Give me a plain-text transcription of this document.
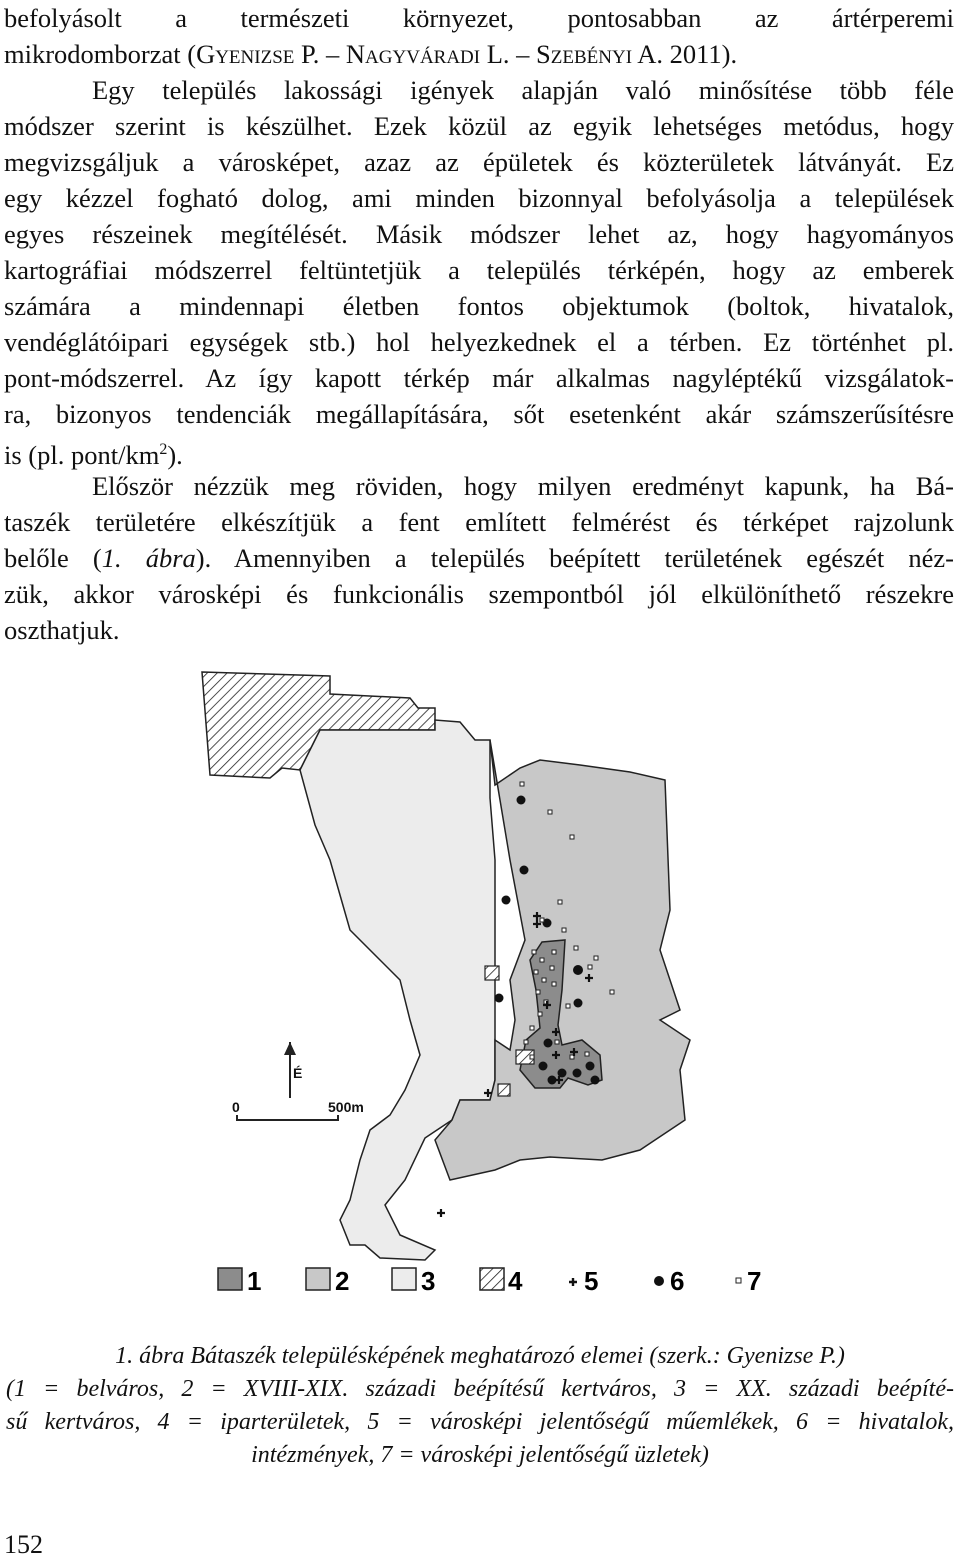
befolyásolt a természeti környezet, pontosabban az ártérperemi
mikrodomborzat (Gyenizse P. – Nagyváradi L. – Szebényi A. 2011).
Egy település lakossági igények alapján való minősítése több féle
módszer szerint is készülhet. Ezek közül az egyik lehetséges metódus, hogy
megvizsgáljuk a városképet, azaz az épületek és közterületek látványát. Ez
egy kézzel fogható dolog, ami minden bizonnyal befolyásolja a települések
egyes részeinek megítélését. Másik módszer lehet az, hogy hagyományos
kartográfiai módszerrel feltüntetjük a település térképén, hogy az emberek
számára a mindennapi életben fontos objektumok (boltok, hivatalok,
vendéglátóipari egységek stb.) hol helyezkednek el a térben. Ez történhet pl.
pont-módszerrel. Az így kapott térkép már alkalmas nagyléptékű vizsgálatok-
ra, bizonyos tendenciák megállapítására, sőt esetenként akár számszerűsítésre
is (pl. pont/$km^2$).
Először nézzük meg röviden, hogy milyen eredményt kapunk, ha Bá-
taszék területére elkészítjük a fent említett felmérést és térképet rajzolunk
belőle (1. ábra). Amennyiben a település beépített területének egészét néz-
zük, akkor városképi és funkcionális szempontból jól elkülöníthető részekre
oszthatjuk.
É
0	500m
1	2	3	4 5	6 7
1. ábra Bátaszék településképének meghatározó elemei (szerk.: Gyenizse P.)
(1 = belváros, 2 = XVIII-XIX. századi beépítésű kertváros, 3 = XX. századi beépíté-
sű kertváros, 4 = iparterületek, 5 = városképi jelentőségű műemlékek, 6 = hivatalok,
intézmények, 7 = városképi jelentőségű üzletek)
152
